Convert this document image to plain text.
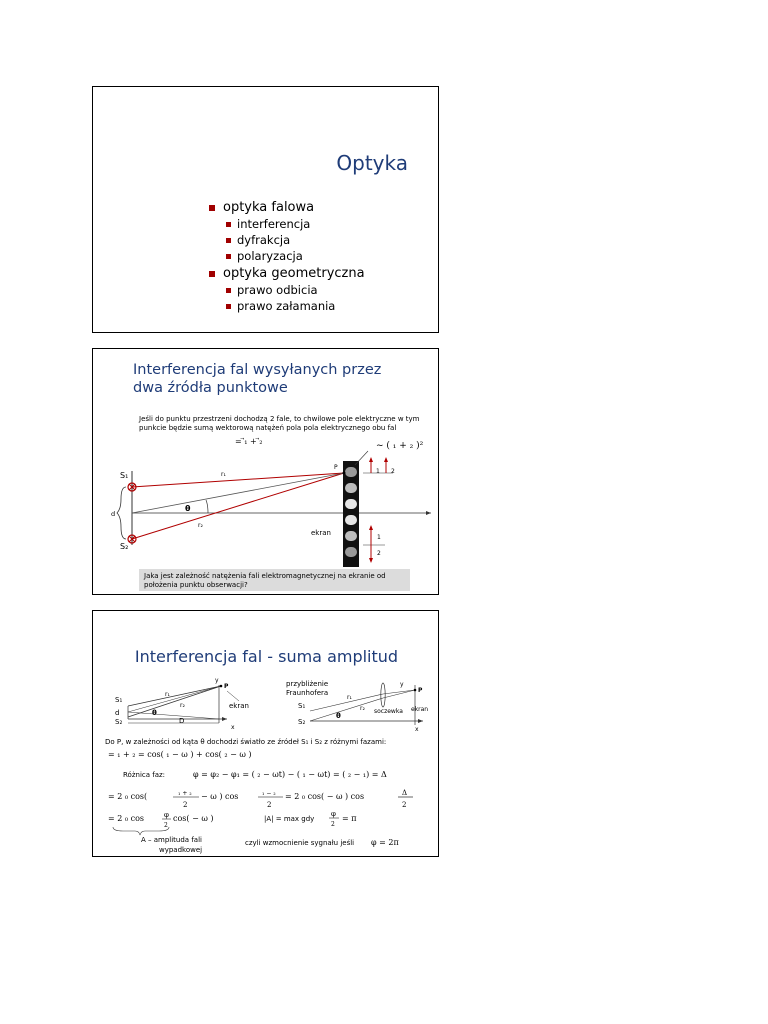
Optyka
optyka falowa
interferencja
dyfrakcja
polaryzacja
optyka geometryczna
prawo odbicia
prawo załamania
Interferencja fal wysyłanych przez
dwa źródła punktowe
Jeśli do punktu przestrzeni dochodzą 2 fale, to chwilowe pole elektryczne w tym punkcie będzie sumą wektorową natężeń pola pola elektrycznego obu fal
= ⃗₁ + ⃗₂	~ ( ₁ + ₂ )²
d
θ
S₁
S₂
r₁
r₂
P
ekran
1 2
1
2
Jaka jest zależność natężenia fali elektromagnetycznej na ekranie od położenia punktu obserwacji?
Interferencja fal - suma amplitud
S₁
S₂
d
D
r₁
r₂
θ
y
x
P
ekran
przybliżenie
Fraunhofera
S₁
S₂
r₁
r₂
θ
y
x
P
soczewka ekran
Do P, w zależności od kąta θ dochodzi światło ze źródeł S₁ i S₂ z różnymi fazami:
= ₁ + ₂ = cos( ₁ − ω ) + cos( ₂ − ω )
Różnica faz:	φ = φ₂ − φ₁ = ( ₂ − ωt) − ( ₁ − ωt) = ( ₂ − ₁) = Δ
= 2 ₀ cos(	₁ + ₂
2
− ω ) cos	₁ − ₂
2
= 2 ₀ cos( − ω ) cos	Δ
2
= 2 ₀ cos	φ
2
cos( − ω )	|A| = max gdy
φ
2
= π
A – amplituda fali
wypadkowej
czyli wzmocnienie sygnału jeśli φ = 2π
